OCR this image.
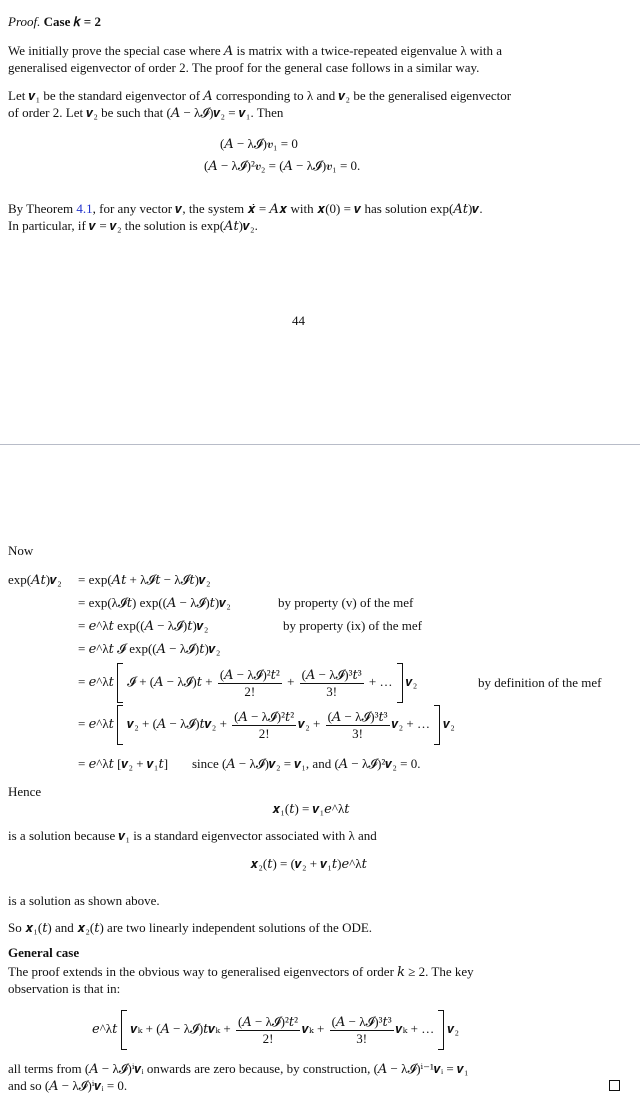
Proof. Case 𝑘 = 2
We initially prove the special case where 𝐴 is matrix with a twice-repeated eigenvalue λ with a
generalised eigenvector of order 2. The proof for the general case follows in a similar way.
Let 𝒗₁ be the standard eigenvector of 𝐴 corresponding to λ and 𝒗₂ be the generalised eigenvector
of order 2. Let 𝒗₂ be such that (𝐴 − λ𝓘)𝒗₂ = 𝒗₁. Then
(𝐴 − λ𝓘)𝒗₁ = 0
(𝐴 − λ𝓘)²𝒗₂ = (𝐴 − λ𝓘)𝒗₁ = 0.
By Theorem 4.1, for any vector 𝒗, the system 𝒙̇ = 𝐴𝒙 with 𝒙(0) = 𝒗 has solution exp(𝐴𝑡)𝒗.
In particular, if 𝒗 = 𝒗₂ the solution is exp(𝐴𝑡)𝒗₂.
44
Now
exp(𝐴𝑡)𝒗₂ = exp(𝐴𝑡 + λ𝓘𝑡 − λ𝓘𝑡)𝒗₂
= exp(λ𝓘𝑡) exp((𝐴 − λ𝓘)𝑡)𝒗₂	by property (v) of the mef
= 𝑒^λ𝑡 exp((𝐴 − λ𝓘)𝑡)𝒗₂	by property (ix) of the mef
= 𝑒^λ𝑡 𝓘 exp((𝐴 − λ𝓘)𝑡)𝒗₂
= 𝑒^λ𝑡 𝓘 + (𝐴 − λ𝓘)𝑡 + $\frac{\text{(𝐴 − λ𝓘)²𝑡²}}{2!} + \frac{\text{(𝐴 − λ𝓘)³𝑡³}}{3!}$ + … 𝒗₂	by definition of the mef
= 𝑒^λ𝑡 𝒗₂ + (𝐴 − λ𝓘)𝑡𝒗₂ + $\frac{\text{(𝐴 − λ𝓘)²𝑡²}}{2!}$ 𝒗₂ + $\frac{\text{(𝐴 − λ𝓘)³𝑡³}}{3!}$ 𝒗₂ + … 𝒗₂
= 𝑒^λ𝑡 [𝒗₂ + 𝒗₁𝑡] since (𝐴 − λ𝓘)𝒗₂ = 𝒗₁, and (𝐴 − λ𝓘)²𝒗₂ = 0.
Hence
𝒙₁(𝑡) = 𝒗₁𝑒^λ𝑡
is a solution because 𝒗₁ is a standard eigenvector associated with λ and
𝒙₂(𝑡) = (𝒗₂ + 𝒗₁𝑡)𝑒^λ𝑡
is a solution as shown above.
So 𝒙₁(𝑡) and 𝒙₂(𝑡) are two linearly independent solutions of the ODE.
General case
The proof extends in the obvious way to generalised eigenvectors of order 𝑘 ≥ 2. The key
observation is that in:
𝑒^λ𝑡 𝒗ₖ + (𝐴 − λ𝓘)𝑡𝒗ₖ + $\frac{\text{(𝐴 − λ𝓘)²𝑡²}}{2!}$ 𝒗ₖ + $\frac{\text{(𝐴 − λ𝓘)³𝑡³}}{3!}$ 𝒗ₖ + … 𝒗₂
all terms from (𝐴 − λ𝓘)ⁱ𝒗ᵢ onwards are zero because, by construction, (𝐴 − λ𝓘)ⁱ⁻¹𝒗ᵢ = 𝒗₁
and so (𝐴 − λ𝓘)ⁱ𝒗ᵢ = 0.
